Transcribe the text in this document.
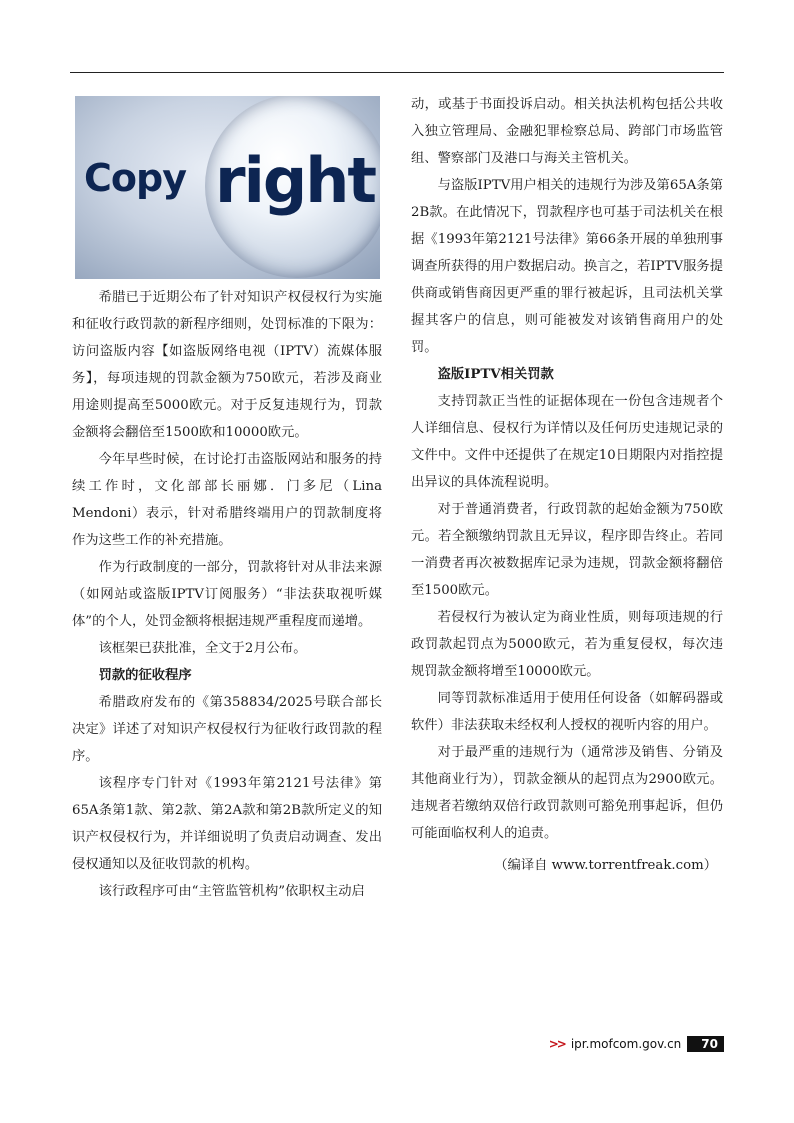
Copy right

希腊已于近期公布了针对知识产权侵权行为实施和征收行政罚款的新程序细则，处罚标准的下限为：访问盗版内容【如盗版网络电视（IPTV）流媒体服务】，每项违规的罚款金额为750欧元，若涉及商业用途则提高至5000欧元。对于反复违规行为，罚款金额将会翻倍至1500欧和10000欧元。

今年早些时候，在讨论打击盗版网站和服务的持续工作时，文化部部长丽娜．门多尼（Lina Mendoni）表示，针对希腊终端用户的罚款制度将作为这些工作的补充措施。

作为行政制度的一部分，罚款将针对从非法来源（如网站或盗版IPTV订阅服务）“非法获取视听媒体”的个人，处罚金额将根据违规严重程度而递增。

该框架已获批准，全文于2月公布。

罚款的征收程序

希腊政府发布的《第358834/2025号联合部长决定》详述了对知识产权侵权行为征收行政罚款的程序。

该程序专门针对《1993年第2121号法律》第65A条第1款、第2款、第2A款和第2B款所定义的知识产权侵权行为，并详细说明了负责启动调查、发出侵权通知以及征收罚款的机构。

该行政程序可由“主管监管机构”依职权主动启

动，或基于书面投诉启动。相关执法机构包括公共收入独立管理局、金融犯罪检察总局、跨部门市场监管组、警察部门及港口与海关主管机关。

与盗版IPTV用户相关的违规行为涉及第65A条第2B款。在此情况下，罚款程序也可基于司法机关在根据《1993年第2121号法律》第66条开展的单独刑事调查所获得的用户数据启动。换言之，若IPTV服务提供商或销售商因更严重的罪行被起诉，且司法机关掌握其客户的信息，则可能被发对该销售商用户的处罚。

盗版IPTV相关罚款

支持罚款正当性的证据体现在一份包含违规者个人详细信息、侵权行为详情以及任何历史违规记录的文件中。文件中还提供了在规定10日期限内对指控提出异议的具体流程说明。

对于普通消费者，行政罚款的起始金额为750欧元。若全额缴纳罚款且无异议，程序即告终止。若同一消费者再次被数据库记录为违规，罚款金额将翻倍至1500欧元。

若侵权行为被认定为商业性质，则每项违规的行政罚款起罚点为5000欧元，若为重复侵权，每次违规罚款金额将增至10000欧元。

同等罚款标准适用于使用任何设备（如解码器或软件）非法获取未经权利人授权的视听内容的用户。

对于最严重的违规行为（通常涉及销售、分销及其他商业行为），罚款金额从的起罚点为2900欧元。违规者若缴纳双倍行政罚款则可豁免刑事起诉，但仍可能面临权利人的追责。

（编译自 www.torrentfreak.com）

>> ipr.mofcom.gov.cn	70
